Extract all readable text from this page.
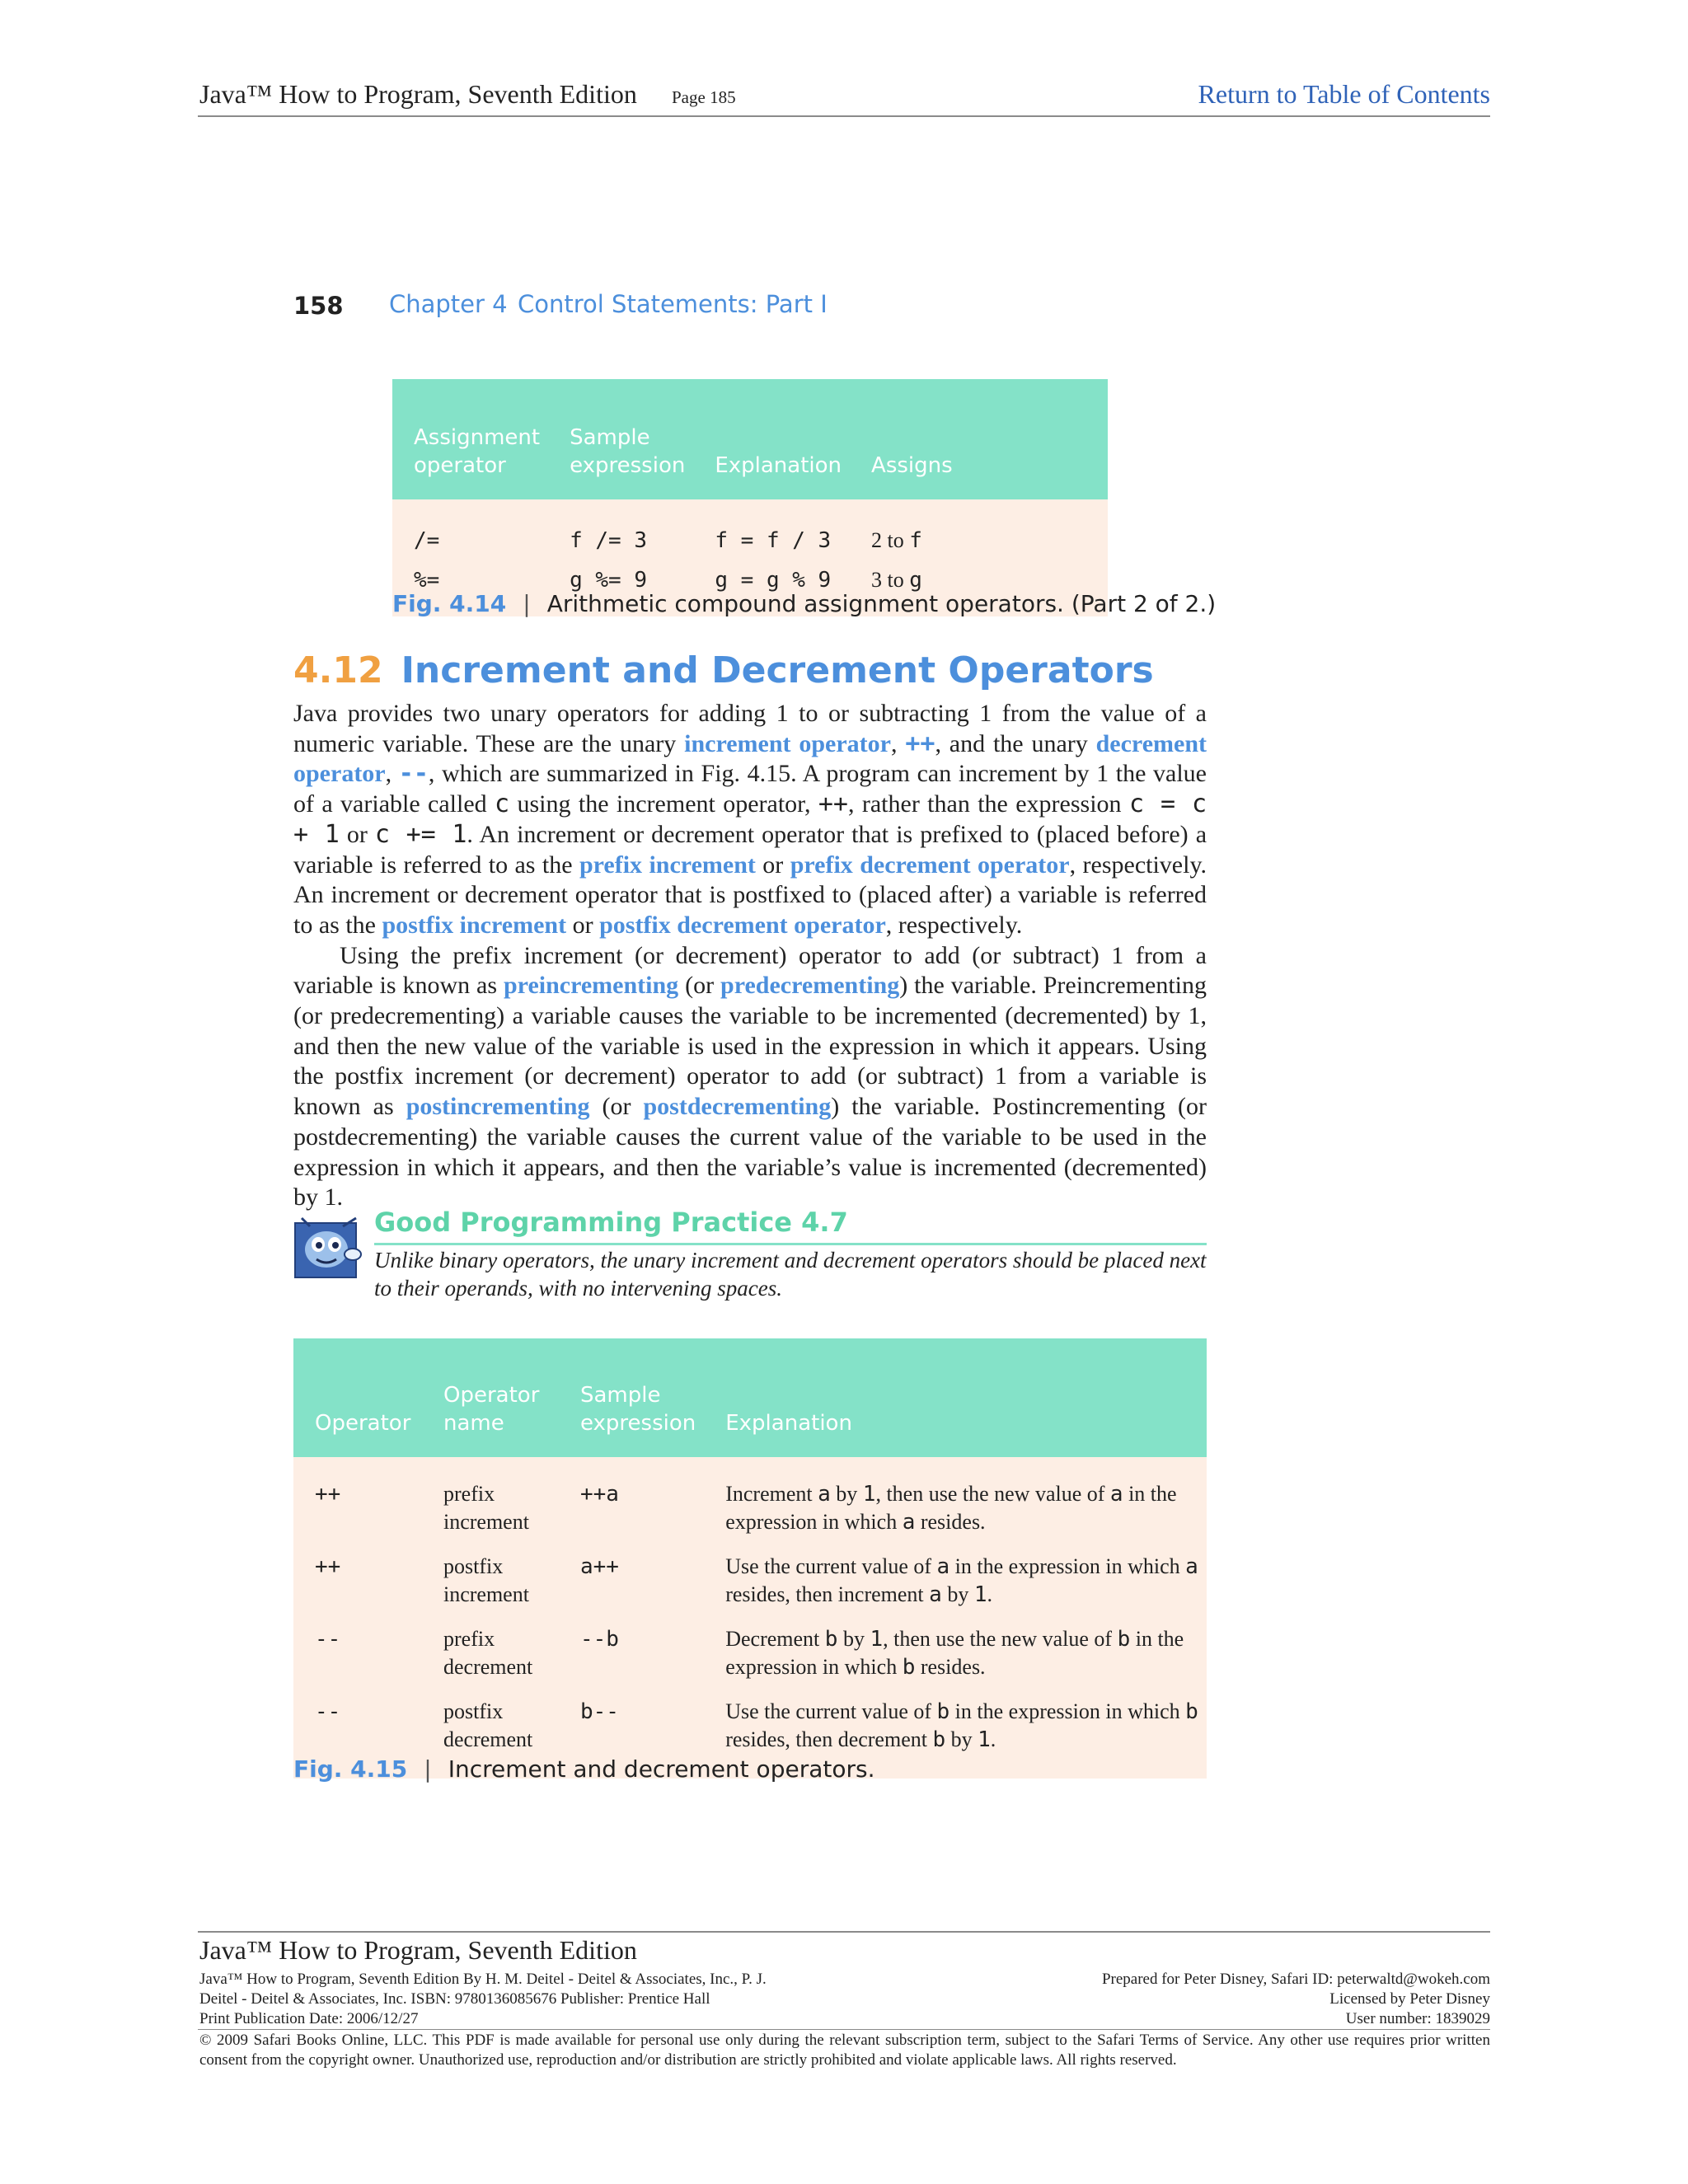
Java™ How to Program, Seventh Edition Page 185	Return to Table of Contents
158 Chapter 4 Control Statements: Part I
Assignment operator	Sample expression	Explanation	Assigns
/=	f /= 3	f = f / 3	2 to f
%=	g %= 9	g = g % 9	3 to g
Fig. 4.14 | Arithmetic compound assignment operators. (Part 2 of 2.)
4.12 Increment and Decrement Operators

Java provides two unary operators for adding 1 to or subtracting 1 from the value of a numeric variable. These are the unary increment operator, ++, and the unary decrement operator, --, which are summarized in Fig. 4.15. A program can increment by 1 the value of a variable called c using the increment operator, ++, rather than the expression c = c + 1 or c += 1. An increment or decrement operator that is prefixed to (placed before) a variable is referred to as the prefix increment or prefix decrement operator, respectively. An increment or decrement operator that is postfixed to (placed after) a variable is referred to as the postfix increment or postfix decrement operator, respectively.

Using the prefix increment (or decrement) operator to add (or subtract) 1 from a variable is known as preincrementing (or predecrementing) the variable. Preincrementing (or predecrementing) a variable causes the variable to be incremented (decremented) by 1, and then the new value of the variable is used in the expression in which it appears. Using the postfix increment (or decrement) operator to add (or subtract) 1 from a variable is known as postincrementing (or postdecrementing) the variable. Postincrementing (or postdecrementing) the variable causes the current value of the variable to be used in the expression in which it appears, and then the variable’s value is incremented (decremented) by 1.

Good Programming Practice 4.7
Unlike binary operators, the unary increment and decrement operators should be placed next to their operands, with no intervening spaces.
Operator	Operator name	Sample expression	Explanation
++	prefix increment	++a	Increment a by 1, then use the new value of a in the expression in which a resides.
++	postfix increment	a++	Use the current value of a in the expression in which a resides, then increment a by 1.
--	prefix decrement	--b	Decrement b by 1, then use the new value of b in the expression in which b resides.
--	postfix decrement	b--	Use the current value of b in the expression in which b resides, then decrement b by 1.
Fig. 4.15 | Increment and decrement operators.
Java™ How to Program, Seventh Edition
Java™ How to Program, Seventh Edition By H. M. Deitel - Deitel & Associates, Inc., P. J.
Deitel - Deitel & Associates, Inc. ISBN: 9780136085676 Publisher: Prentice Hall
Print Publication Date: 2006/12/27
Prepared for Peter Disney, Safari ID: peterwaltd@wokeh.com
Licensed by Peter Disney
User number: 1839029
© 2009 Safari Books Online, LLC. This PDF is made available for personal use only during the relevant subscription term, subject to the Safari Terms of Service. Any other use requires prior written consent from the copyright owner. Unauthorized use, reproduction and/or distribution are strictly prohibited and violate applicable laws. All rights reserved.
